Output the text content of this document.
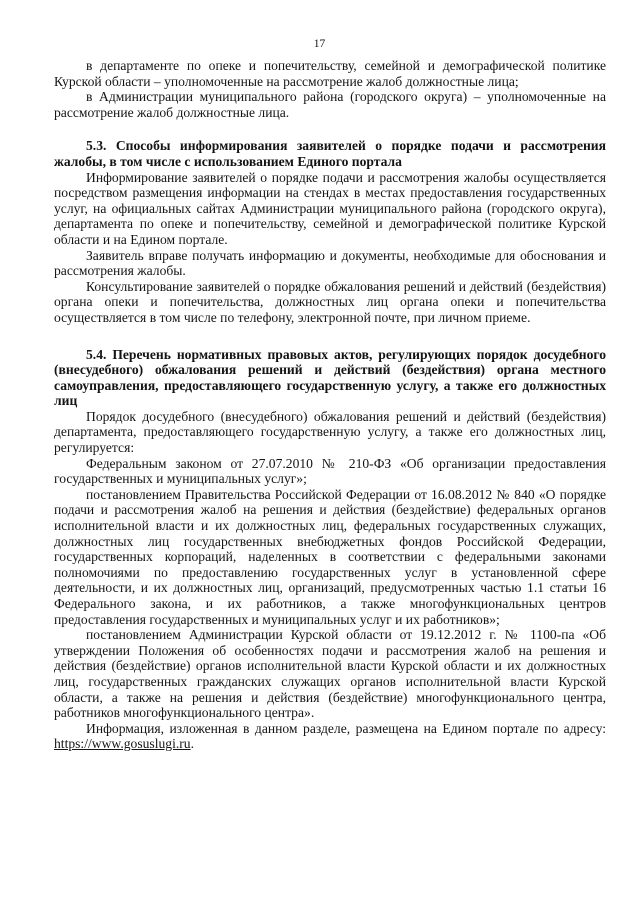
17

в департаменте по опеке и попечительству, семейной и демографической политике Курской области – уполномоченные на рассмотрение жалоб должностные лица;

в Администрации муниципального района (городского округа) – уполномоченные на рассмотрение жалоб должностные лица.

5.3. Способы информирования заявителей о порядке подачи и рассмотрения жалобы, в том числе с использованием Единого портала

Информирование заявителей о порядке подачи и рассмотрения жалобы осуществляется посредством размещения информации на стендах в местах предоставления государственных услуг, на официальных сайтах Администрации муниципального района (городского округа), департамента по опеке и попечительству, семейной и демографической политике Курской области и на Едином портале.

Заявитель вправе получать информацию и документы, необходимые для обоснования и рассмотрения жалобы.

Консультирование заявителей о порядке обжалования решений и действий (бездействия) органа опеки и попечительства, должностных лиц органа опеки и попечительства осуществляется в том числе по телефону, электронной почте, при личном приеме.

5.4. Перечень нормативных правовых актов, регулирующих порядок досудебного (внесудебного) обжалования решений и действий (бездействия) органа местного самоуправления, предоставляющего государственную услугу, а также его должностных лиц

Порядок досудебного (внесудебного) обжалования решений и действий (бездействия) департамента, предоставляющего государственную услугу, а также его должностных лиц, регулируется:

Федеральным законом от 27.07.2010 № 210-ФЗ «Об организации предоставления государственных и муниципальных услуг»;

постановлением Правительства Российской Федерации от 16.08.2012 № 840 «О порядке подачи и рассмотрения жалоб на решения и действия (бездействие) федеральных органов исполнительной власти и их должностных лиц, федеральных государственных служащих, должностных лиц государственных внебюджетных фондов Российской Федерации, государственных корпораций, наделенных в соответствии с федеральными законами полномочиями по предоставлению государственных услуг в установленной сфере деятельности, и их должностных лиц, организаций, предусмотренных частью 1.1 статьи 16 Федерального закона, и их работников, а также многофункциональных центров предоставления государственных и муниципальных услуг и их работников»;

постановлением Администрации Курской области от 19.12.2012 г. № 1100-па «Об утверждении Положения об особенностях подачи и рассмотрения жалоб на решения и действия (бездействие) органов исполнительной власти Курской области и их должностных лиц, государственных гражданских служащих органов исполнительной власти Курской области, а также на решения и действия (бездействие) многофункционального центра, работников многофункционального центра».

Информация, изложенная в данном разделе, размещена на Едином портале по адресу: https://www.gosuslugi.ru.
